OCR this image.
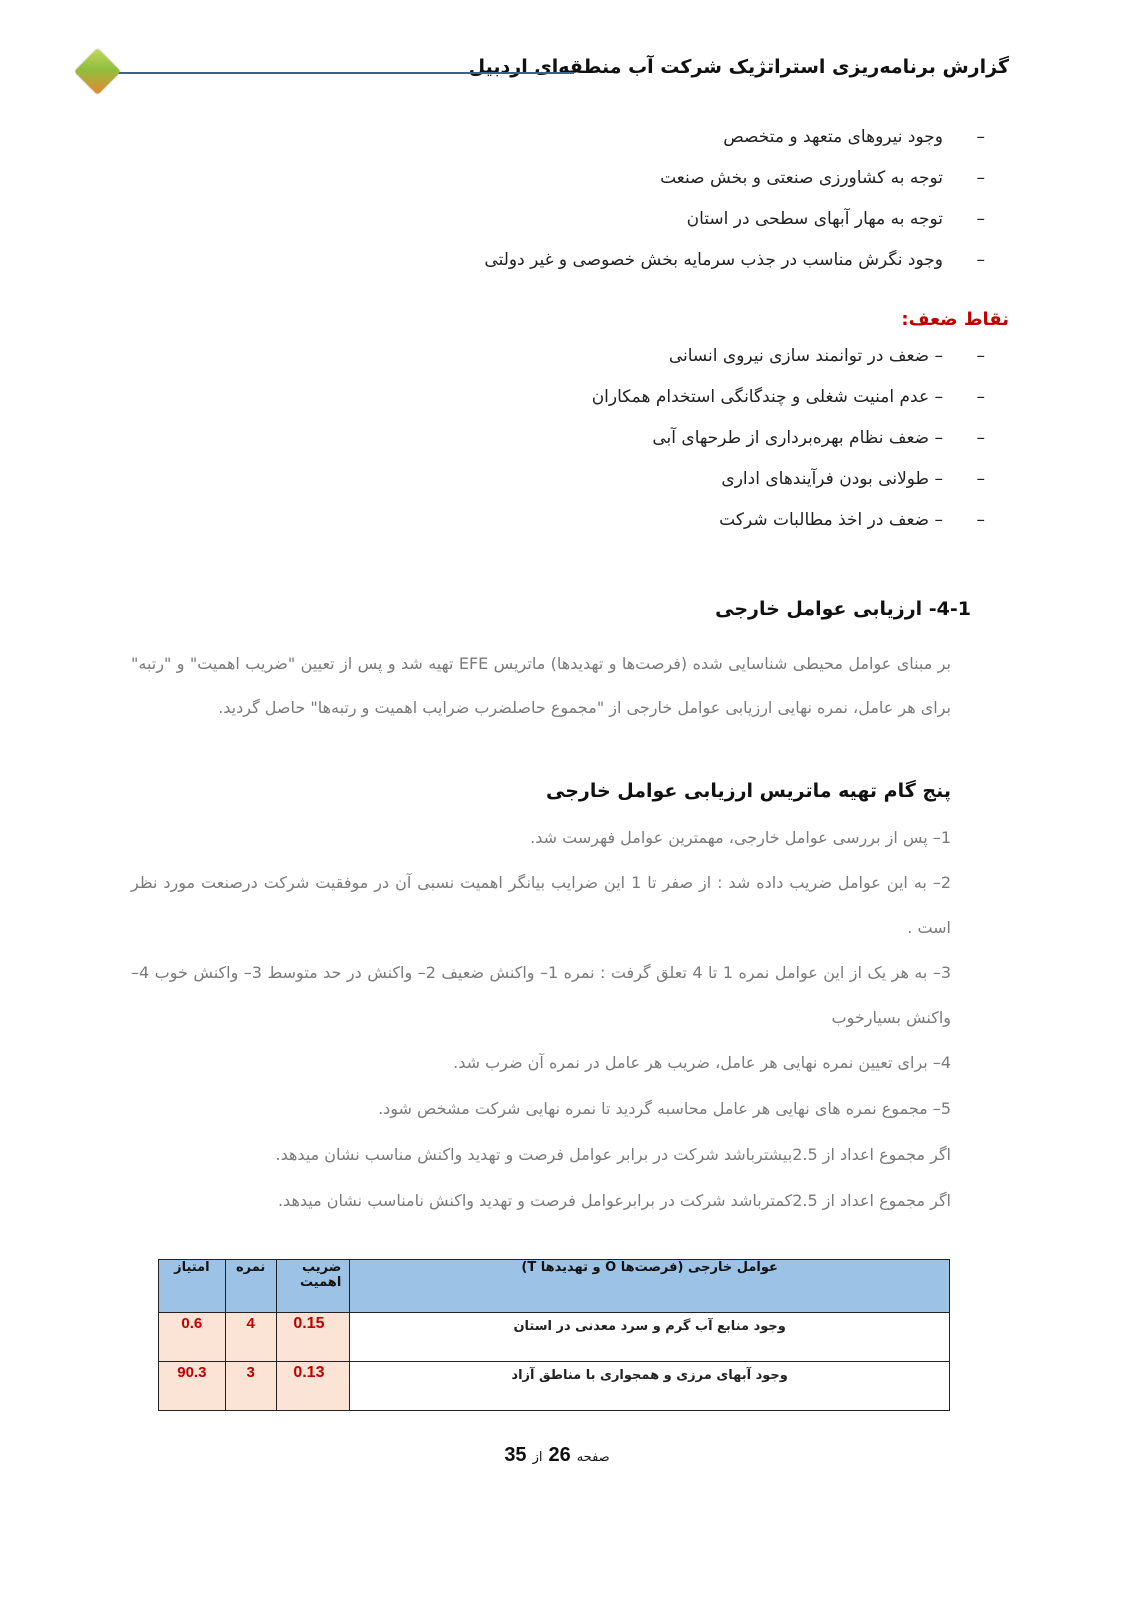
گزارش برنامه‌ریزی استراتژیک شرکت آب منطقه‌ای اردبیل
–
وجود نیروهای متعهد و متخصص
–
توجه به کشاورزی صنعتی و بخش صنعت
–
توجه به مهار آبهای سطحی در استان
–
وجود نگرش مناسب در جذب سرمایه بخش خصوصی و غیر دولتی
نقاط ضعف:
–
– ضعف در توانمند سازی نیروی انسانی
–
– عدم امنیت شغلی و چندگانگی استخدام همکاران
–
– ضعف نظام بهره‌برداری از طرحهای آبی
–
– طولانی بودن فرآیندهای اداری
–
– ضعف در اخذ مطالبات شرکت
4-1- ارزیابی عوامل خارجی
بر مبنای عوامل محیطی شناسایی شده (فرصت‌ها و تهدیدها) ماتریس EFE تهیه شد و پس از تعیین "ضریب اهمیت" و "رتبه" برای هر عامل، نمره نهایی ارزیابی عوامل خارجی از "مجموع حاصلضرب ضرایب اهمیت و رتبه‌ها" حاصل گردید.
پنج گام تهیه ماتریس ارزیابی عوامل خارجی
1– پس از بررسی عوامل خارجی، مهمترین عوامل فهرست شد.
2– به این عوامل ضریب داده شد : از صفر تا 1 این ضرایب بیانگر اهمیت نسبی آن در موفقیت شرکت درصنعت مورد نظر است .
3– به هر یک از این عوامل نمره 1 تا 4 تعلق گرفت : نمره 1– واکنش ضعیف 2– واکنش در حد متوسط 3– واکنش خوب 4– واکنش بسیارخوب
4– برای تعیین نمره نهایی هر عامل، ضریب هر عامل در نمره آن ضرب شد.
5– مجموع نمره های نهایی هر عامل محاسبه گردید تا نمره نهایی شرکت مشخص شود.
اگر مجموع اعداد از 2.5بیشترباشد شرکت در برابر عوامل فرصت و تهدید واکنش مناسب نشان میدهد.
اگر مجموع اعداد از 2.5کمترباشد شرکت در برابرعوامل فرصت و تهدید واکنش نامناسب نشان میدهد.
عوامل خارجی (فرصت‌ها O و تهدیدها T)	ضریب اهمیت	نمره	امتیاز
وجود منابع آب گرم و سرد معدنی در استان	0.15	4	0.6
وجود آبهای مرزی و همجواری با مناطق آزاد	0.13	3	90.3
صفحه26از35
